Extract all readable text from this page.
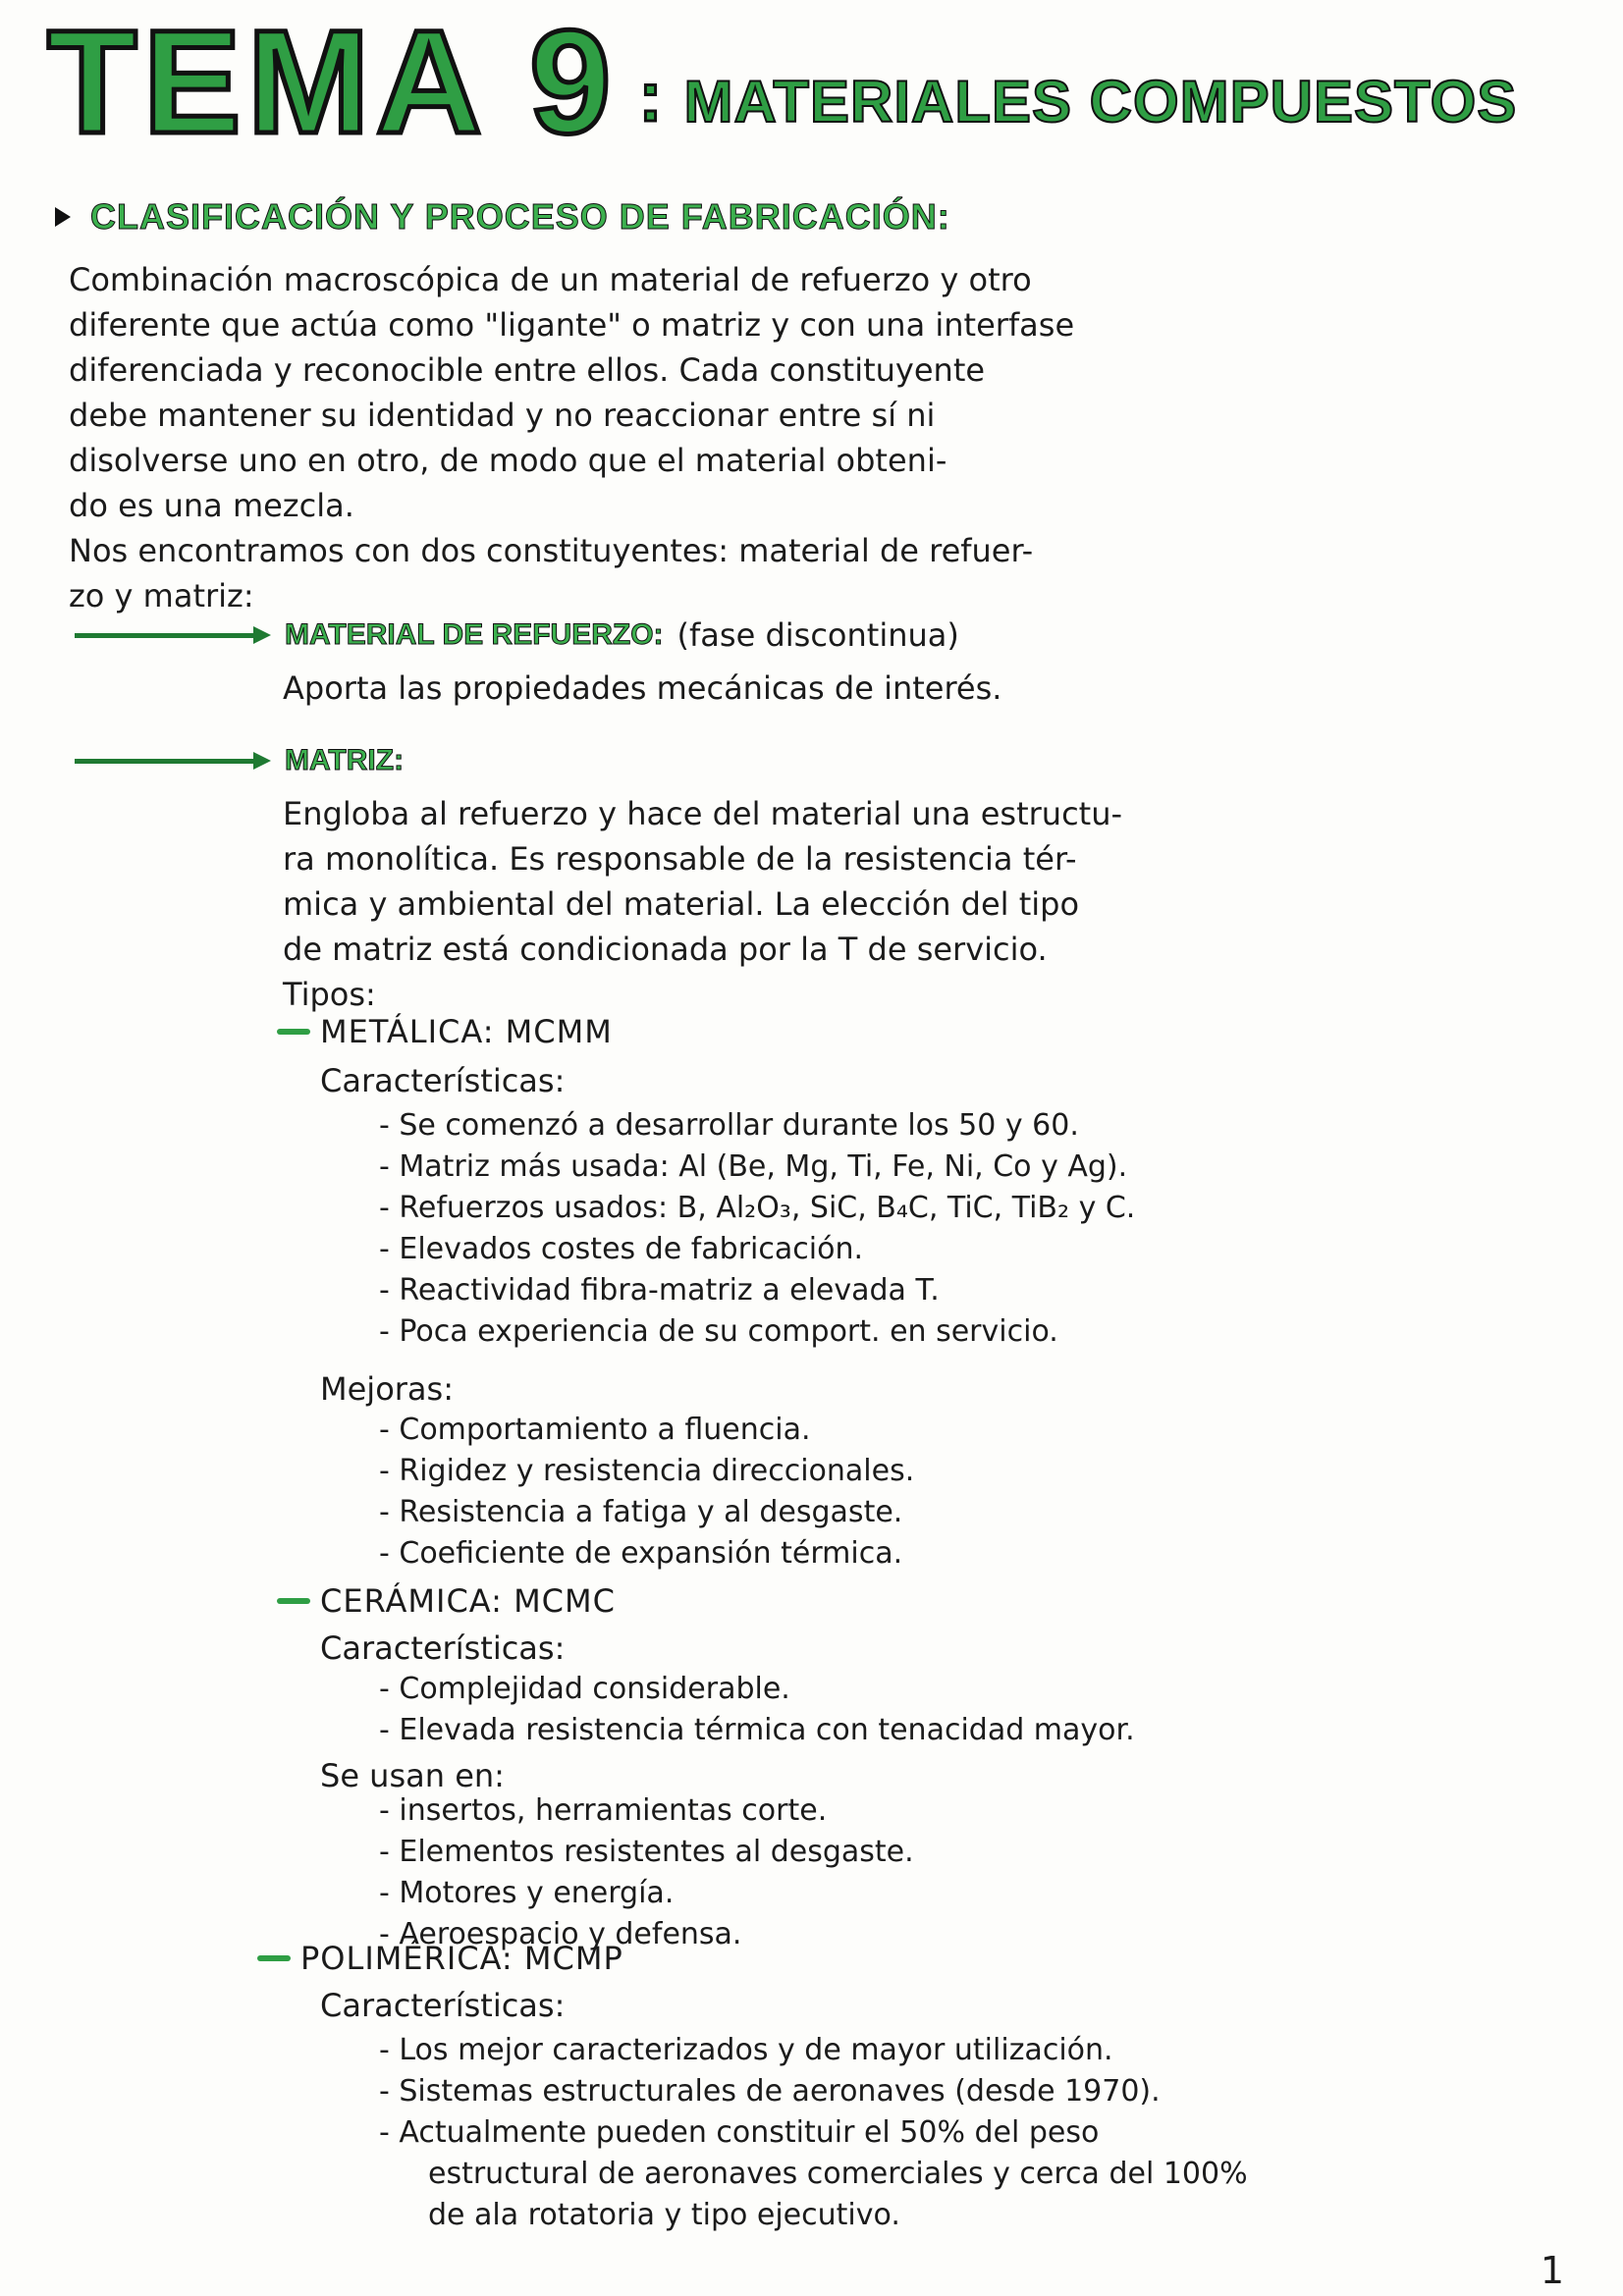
TEMA 9 : MATERIALES COMPUESTOS
CLASIFICACIÓN Y PROCESO DE FABRICACIÓN:
Combinación macroscópica de un material de refuerzo y otro
diferente que actúa como "ligante" o matriz y con una interfase
diferenciada y reconocible entre ellos. Cada constituyente
debe mantener su identidad y no reaccionar entre sí ni
disolverse uno en otro, de modo que el material obteni-
do es una mezcla.
Nos encontramos con dos constituyentes: material de refuer-
zo y matriz:
MATERIAL DE REFUERZO: (fase discontinua)
Aporta las propiedades mecánicas de interés.
MATRIZ:
Engloba al refuerzo y hace del material una estructu-
ra monolítica. Es responsable de la resistencia tér-
mica y ambiental del material. La elección del tipo
de matriz está condicionada por la T de servicio.
Tipos:
METÁLICA: MCMM
Características:
- Se comenzó a desarrollar durante los 50 y 60.
- Matriz más usada: Al (Be, Mg, Ti, Fe, Ni, Co y Ag).
- Refuerzos usados: B, Al₂O₃, SiC, B₄C, TiC, TiB₂ y C.
- Elevados costes de fabricación.
- Reactividad fibra-matriz a elevada T.
- Poca experiencia de su comport. en servicio.
Mejoras:
- Comportamiento a fluencia.
- Rigidez y resistencia direccionales.
- Resistencia a fatiga y al desgaste.
- Coeficiente de expansión térmica.
CERÁMICA: MCMC
Características:
- Complejidad considerable.
- Elevada resistencia térmica con tenacidad mayor.
Se usan en:
- insertos, herramientas corte.
- Elementos resistentes al desgaste.
- Motores y energía.
- Aeroespacio y defensa.
POLIMÉRICA: MCMP
Características:
- Los mejor caracterizados y de mayor utilización.
- Sistemas estructurales de aeronaves (desde 1970).
- Actualmente pueden constituir el 50% del peso
estructural de aeronaves comerciales y cerca del 100%
de ala rotatoria y tipo ejecutivo.
1
